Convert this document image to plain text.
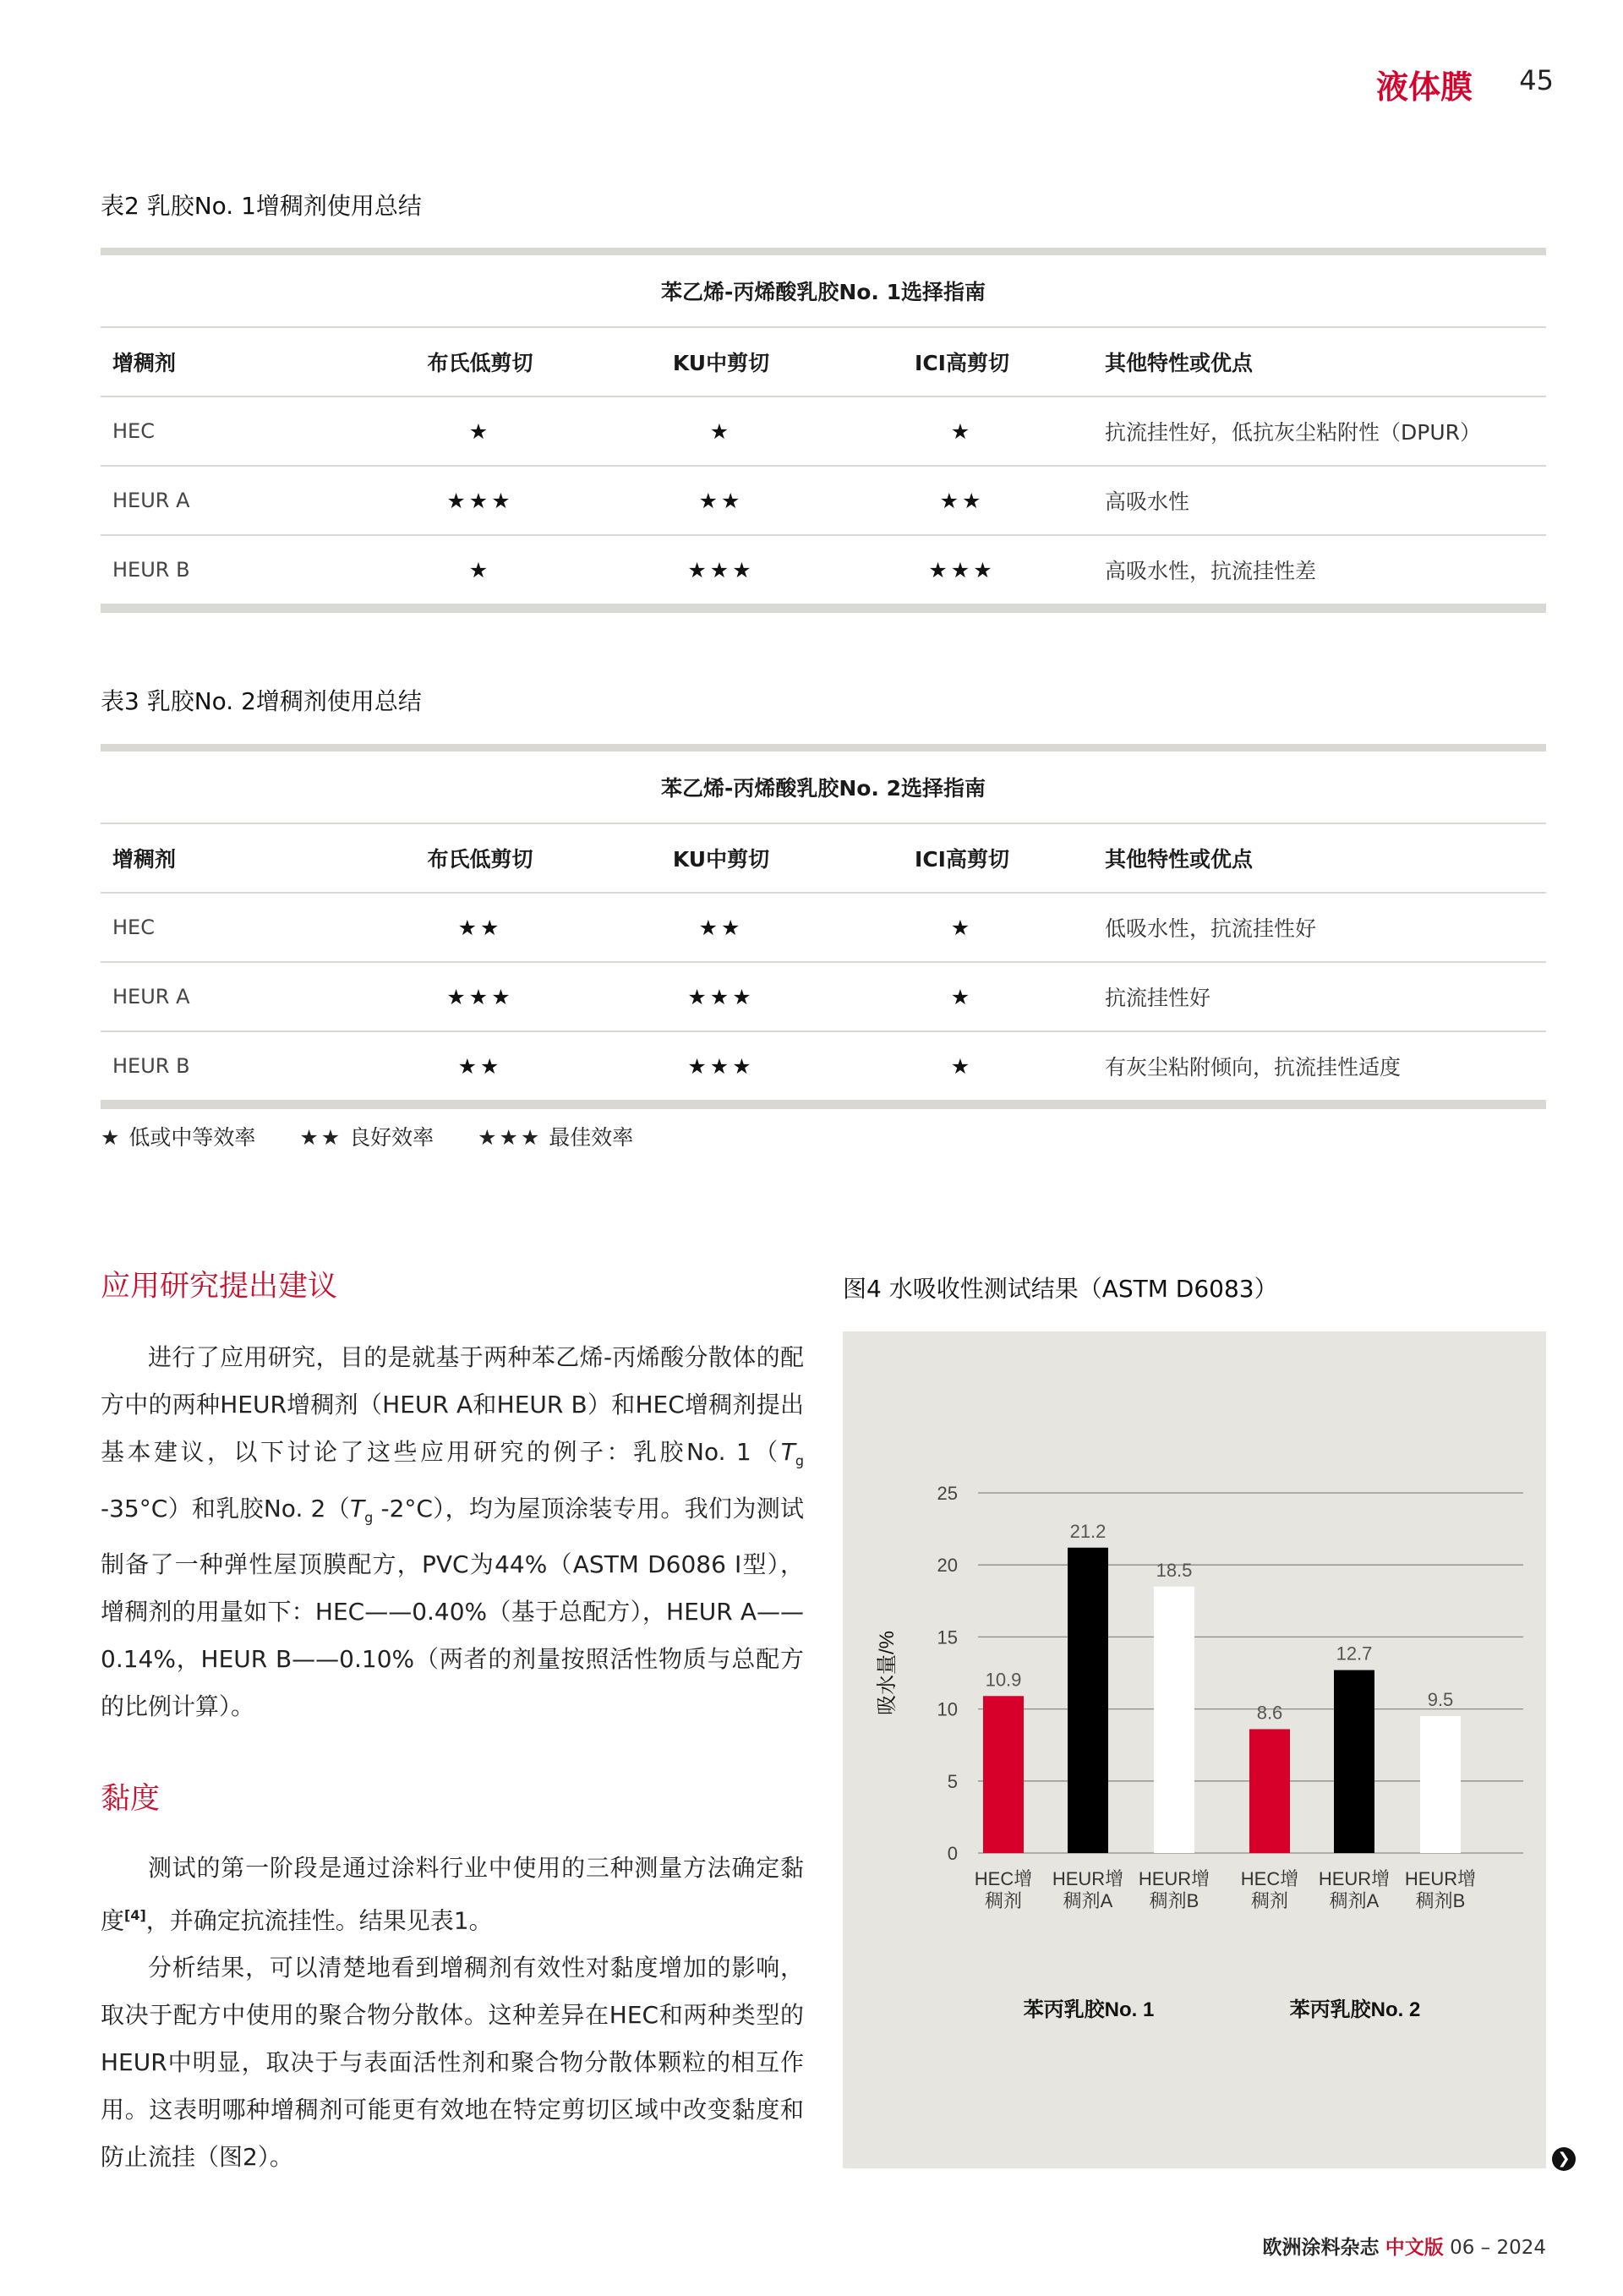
液体膜 45
表2 乳胶No. 1增稠剂使用总结
苯乙烯-丙烯酸乳胶No. 1选择指南				
增稠剂	布氏低剪切	KU中剪切	ICI高剪切	其他特性或优点
HEC	★	★	★	抗流挂性好，低抗灰尘粘附性（DPUR）
HEUR A	★★★	★★	★★	高吸水性
HEUR B	★	★★★	★★★	高吸水性，抗流挂性差
表3 乳胶No. 2增稠剂使用总结
苯乙烯-丙烯酸乳胶No. 2选择指南				
增稠剂	布氏低剪切	KU中剪切	ICI高剪切	其他特性或优点
HEC	★★	★★	★	低吸水性，抗流挂性好
HEUR A	★★★	★★★	★	抗流挂性好
HEUR B	★★	★★★	★	有灰尘粘附倾向，抗流挂性适度
★ 低或中等效率 ★★ 良好效率 ★★★ 最佳效率
应用研究提出建议

进行了应用研究，目的是就基于两种苯乙烯-丙烯酸分散体的配方中的两种HEUR增稠剂（HEUR A和HEUR B）和HEC增稠剂提出基本建议，以下讨论了这些应用研究的例子：乳胶No. $1(T_g$ -35°C）和乳胶No. $2(T_g$ -2°C），均为屋顶涂装专用。我们为测试制备了一种弹性屋顶膜配方，PVC为44%（ASTM D6086 I型），增稠剂的用量如下：HEC——0.40%（基于总配方），HEUR A——0.14%，HEUR B——0.10%（两者的剂量按照活性物质与总配方的比例计算）。

黏度

测试的第一阶段是通过涂料行业中使用的三种测量方法确定黏度[4]，并确定抗流挂性。结果见表1。

分析结果，可以清楚地看到增稠剂有效性对黏度增加的影响，取决于配方中使用的聚合物分散体。这种差异在HEC和两种类型的HEUR中明显，取决于与表面活性剂和聚合物分散体颗粒的相互作用。这表明哪种增稠剂可能更有效地在特定剪切区域中改变黏度和防止流挂（图2）。

图4 水吸收性测试结果（ASTM D6083）
0
5
10
15
20
25
吸水量/%	10.9
HEC增
稠剂
21.2
HEUR增
稠剂A
18.5
HEUR增
稠剂B
苯丙乳胶No. 1
8.6
HEC增
稠剂
12.7
HEUR增
稠剂A
9.5
HEUR增
稠剂B
苯丙乳胶No. 2
❯
欧洲涂料杂志 中文版 06 – 2024
